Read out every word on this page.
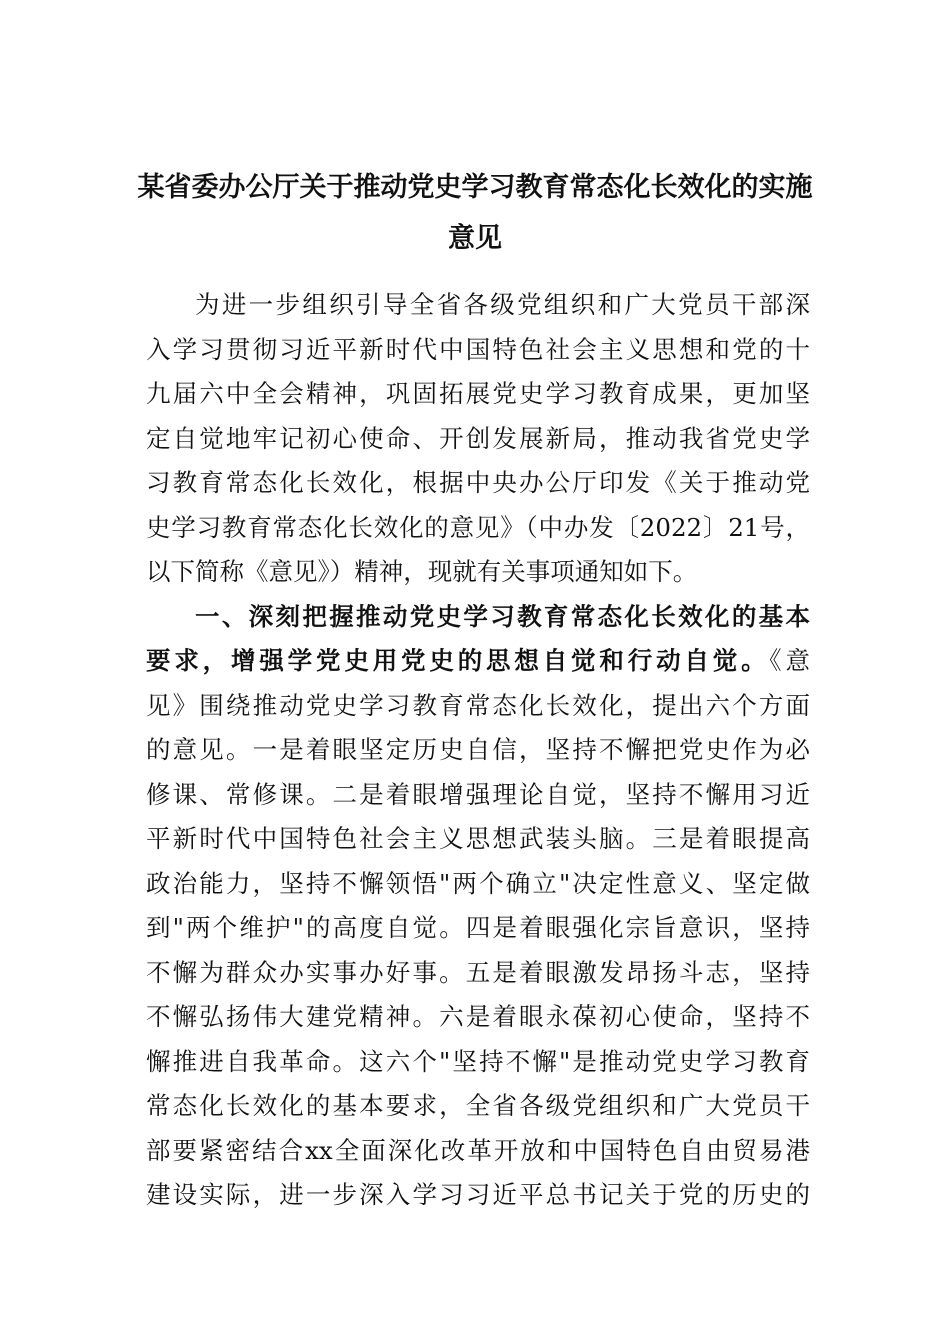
某省委办公厅关于推动党史学习教育常态化长效化的实施
意见
为进一步组织引导全省各级党组织和广大党员干部深
入学习贯彻习近平新时代中国特色社会主义思想和党的十
九届六中全会精神，巩固拓展党史学习教育成果，更加坚
定自觉地牢记初心使命、开创发展新局，推动我省党史学
习教育常态化长效化，根据中央办公厅印发《关于推动党
史学习教育常态化长效化的意见》（中办发〔2022〕21号，
以下简称《意见》）精神，现就有关事项通知如下。
一、深刻把握推动党史学习教育常态化长效化的基本
要求，增强学党史用党史的思想自觉和行动自觉。《意
见》围绕推动党史学习教育常态化长效化，提出六个方面
的意见。一是着眼坚定历史自信，坚持不懈把党史作为必
修课、常修课。二是着眼增强理论自觉，坚持不懈用习近
平新时代中国特色社会主义思想武装头脑。三是着眼提高
政治能力，坚持不懈领悟"两个确立"决定性意义、坚定做
到"两个维护"的高度自觉。四是着眼强化宗旨意识，坚持
不懈为群众办实事办好事。五是着眼激发昂扬斗志，坚持
不懈弘扬伟大建党精神。六是着眼永葆初心使命，坚持不
懈推进自我革命。这六个"坚持不懈"是推动党史学习教育
常态化长效化的基本要求，全省各级党组织和广大党员干
部要紧密结合xx全面深化改革开放和中国特色自由贸易港
建设实际，进一步深入学习习近平总书记关于党的历史的
